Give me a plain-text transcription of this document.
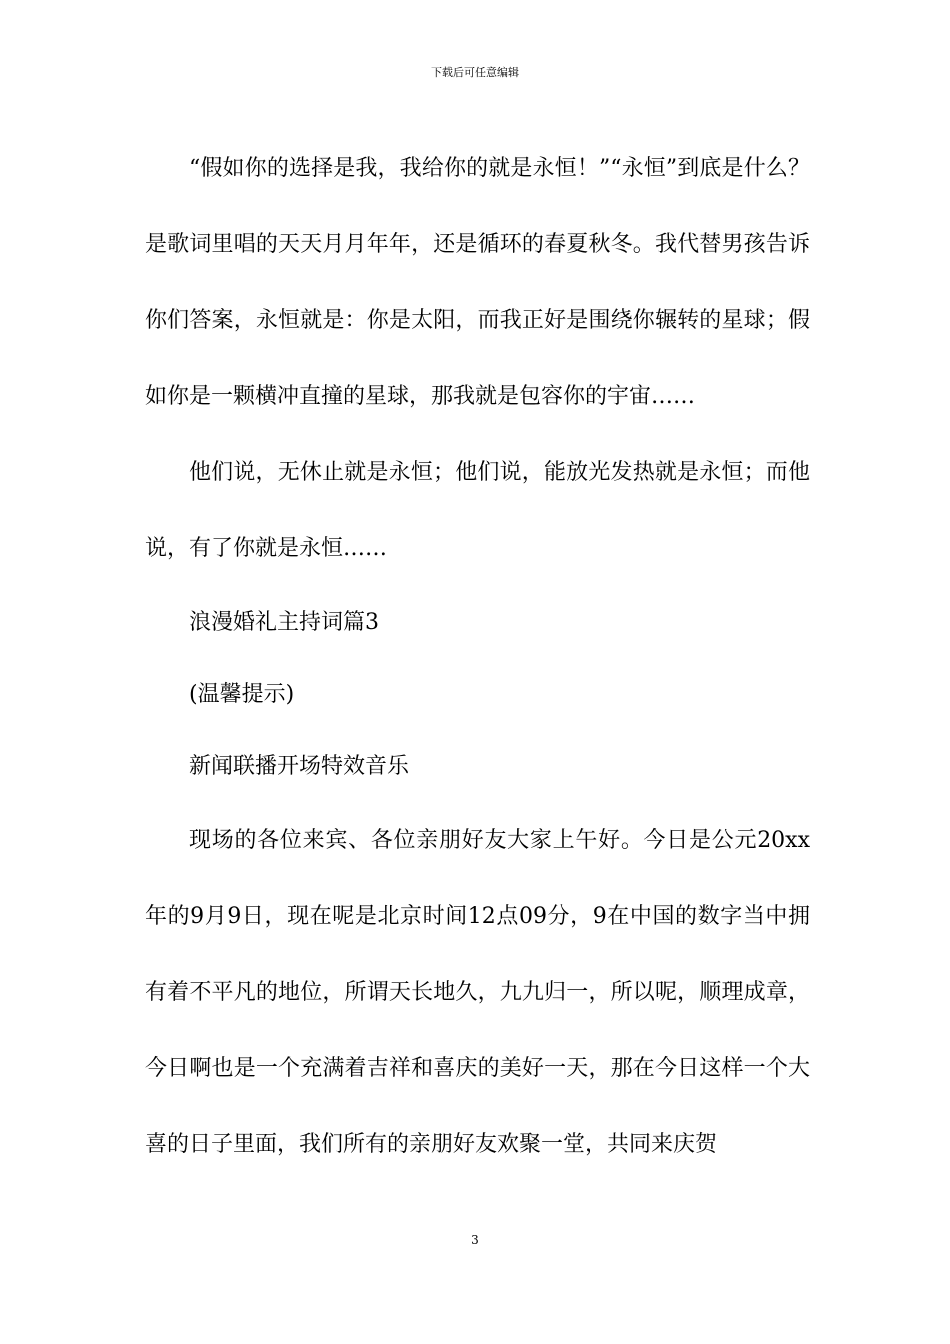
下载后可任意编辑

“假如你的选择是我，我给你的就是永恒！”“永恒”到底是什么？是歌词里唱的天天月月年年，还是循环的春夏秋冬。我代替男孩告诉你们答案，永恒就是：你是太阳，而我正好是围绕你辗转的星球；假如你是一颗横冲直撞的星球，那我就是包容你的宇宙……

他们说，无休止就是永恒；他们说，能放光发热就是永恒；而他说，有了你就是永恒……

浪漫婚礼主持词篇3

(温馨提示)

新闻联播开场特效音乐

现场的各位来宾、各位亲朋好友大家上午好。今日是公元20xx年的9月9日，现在呢是北京时间12点09分，9在中国的数字当中拥有着不平凡的地位，所谓天长地久，九九归一，所以呢，顺理成章，今日啊也是一个充满着吉祥和喜庆的美好一天，那在今日这样一个大喜的日子里面，我们所有的亲朋好友欢聚一堂，共同来庆贺

3
